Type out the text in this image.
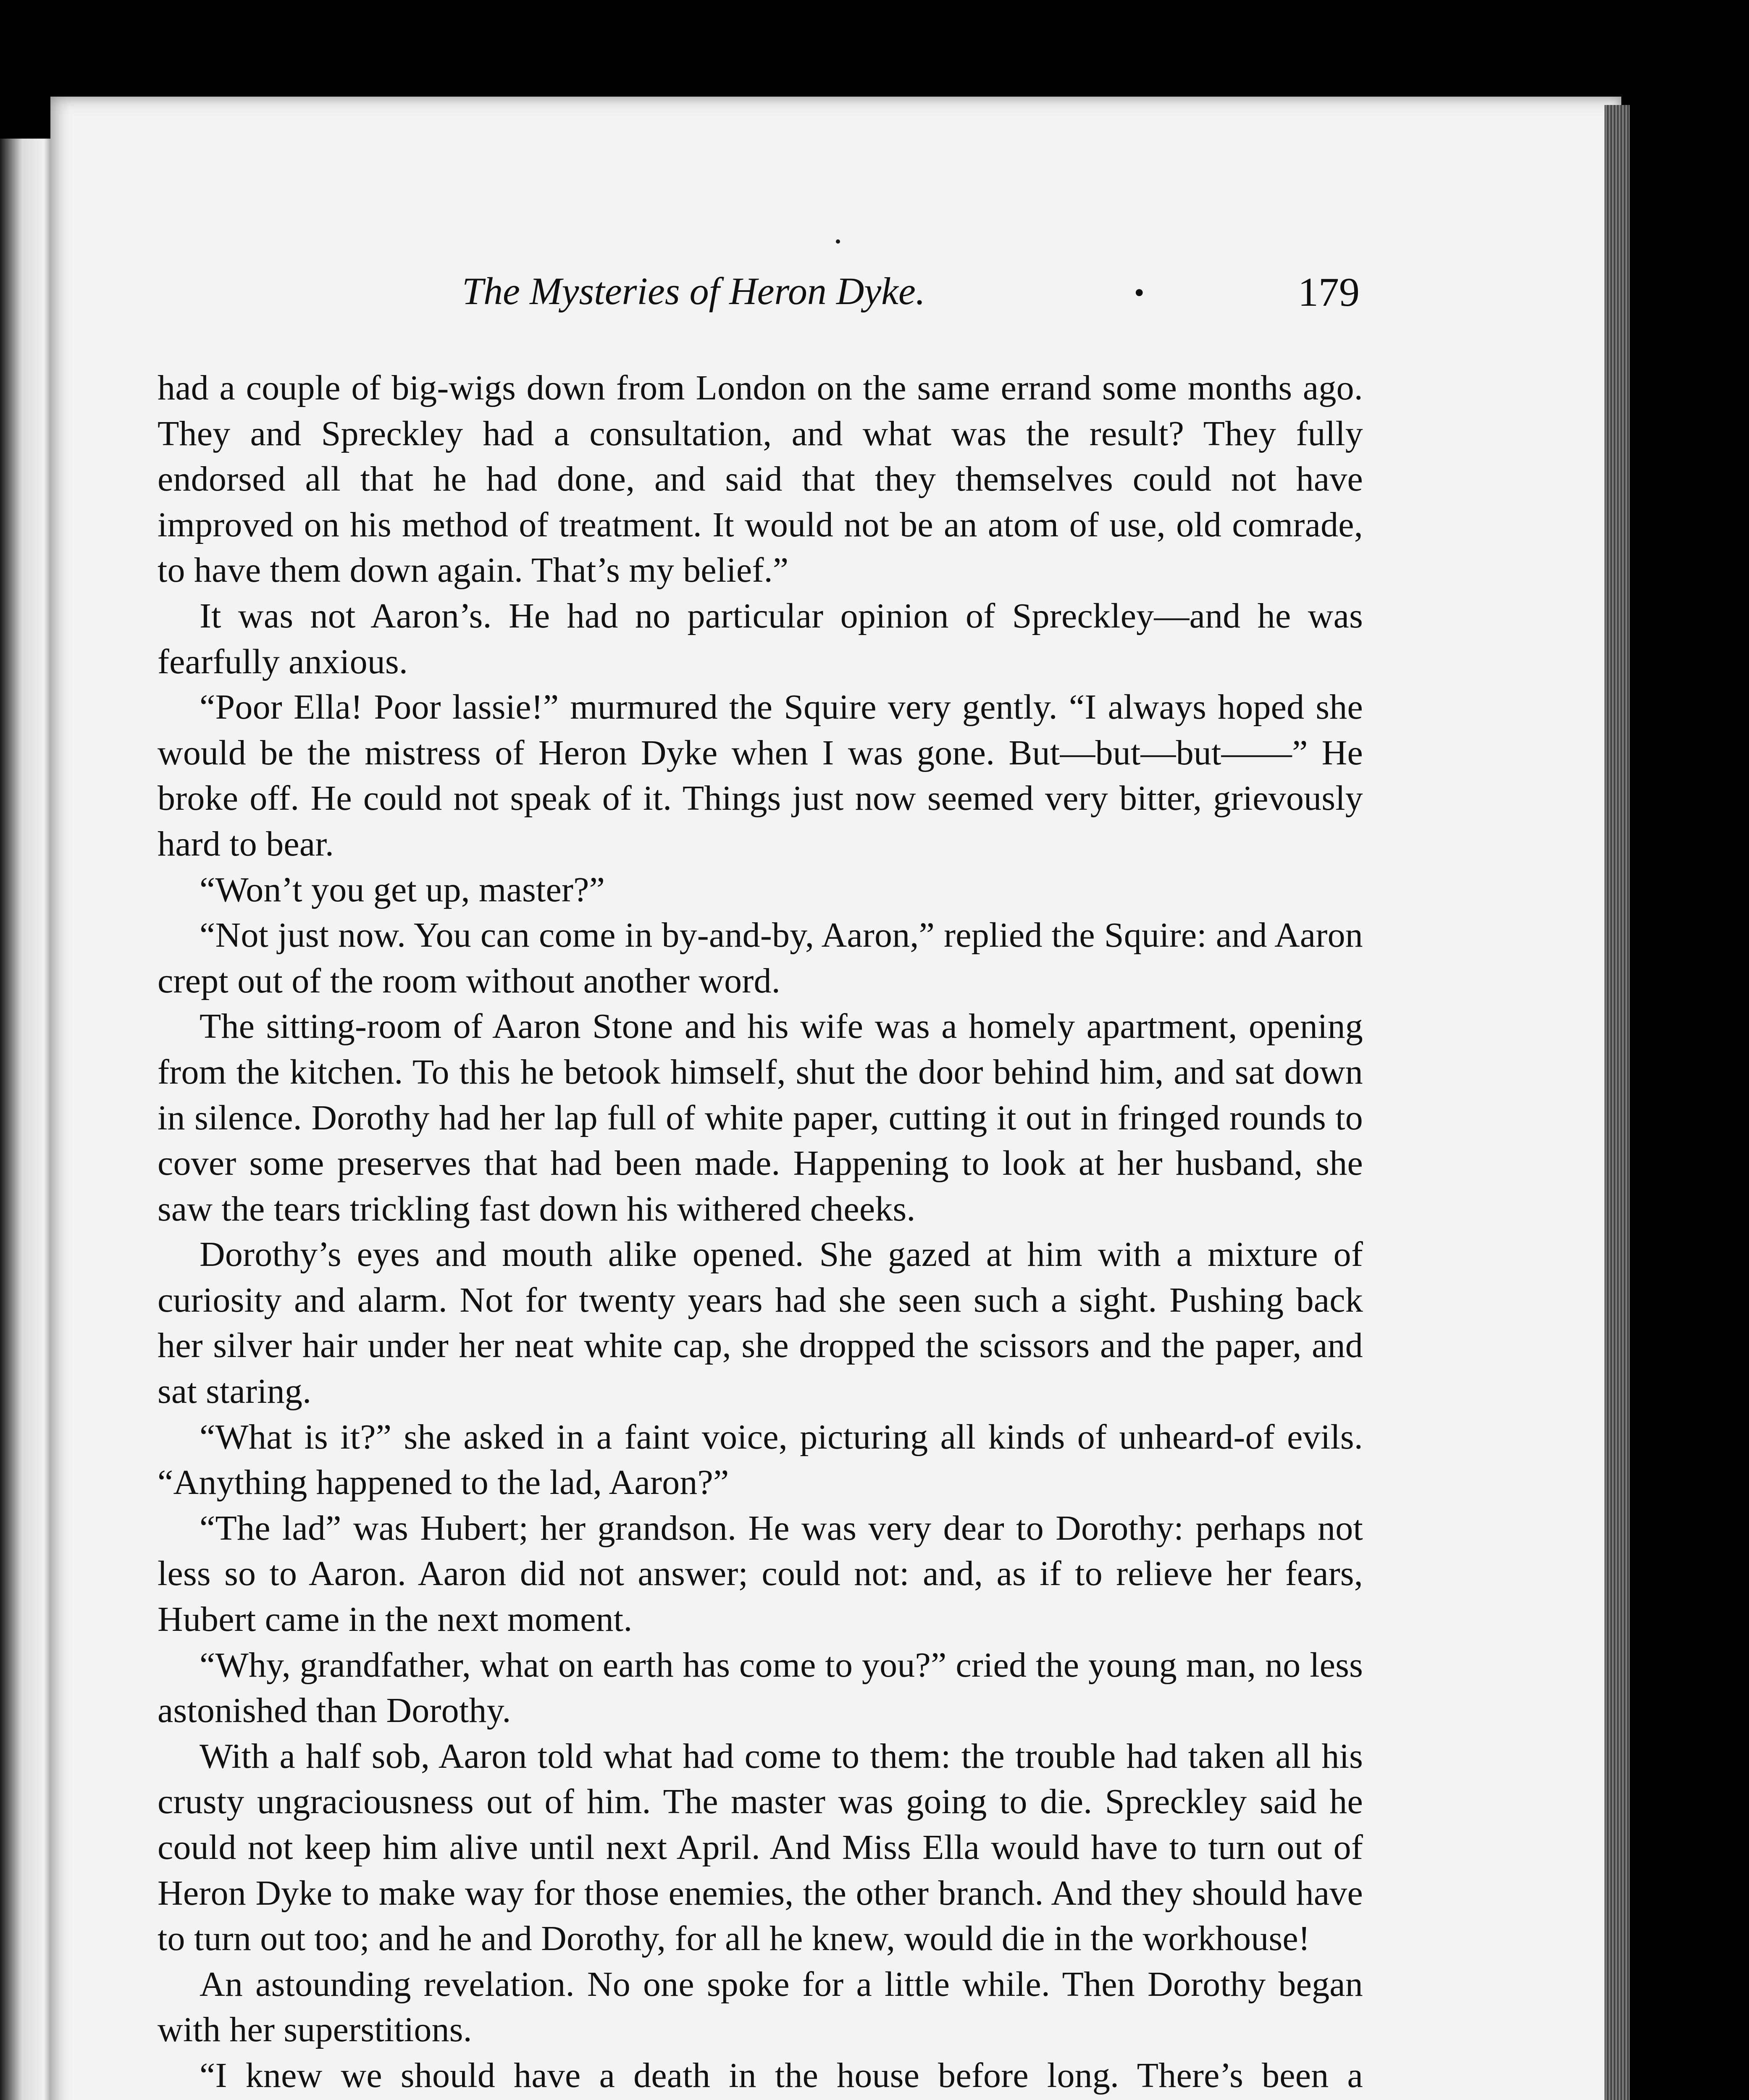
The Mysteries of Heron Dyke.	•	179

had a couple of big-wigs down from London on the same errand some months ago. They and Spreckley had a consultation, and what was the result? They fully endorsed all that he had done, and said that they themselves could not have improved on his method of treatment. It would not be an atom of use, old comrade, to have them down again. That’s my belief.”

It was not Aaron’s. He had no particular opinion of Spreckley—and he was fearfully anxious.

“Poor Ella! Poor lassie!” murmured the Squire very gently. “I always hoped she would be the mistress of Heron Dyke when I was gone. But—but—but——” He broke off. He could not speak of it. Things just now seemed very bitter, grievously hard to bear.

“Won’t you get up, master?”

“Not just now. You can come in by-and-by, Aaron,” replied the Squire: and Aaron crept out of the room without another word.

The sitting-room of Aaron Stone and his wife was a homely apartment, opening from the kitchen. To this he betook himself, shut the door behind him, and sat down in silence. Dorothy had her lap full of white paper, cutting it out in fringed rounds to cover some preserves that had been made. Happening to look at her husband, she saw the tears trickling fast down his withered cheeks.

Dorothy’s eyes and mouth alike opened. She gazed at him with a mixture of curiosity and alarm. Not for twenty years had she seen such a sight. Pushing back her silver hair under her neat white cap, she dropped the scissors and the paper, and sat staring.

“What is it?” she asked in a faint voice, picturing all kinds of unheard-of evils. “Anything happened to the lad, Aaron?”

“The lad” was Hubert; her grandson. He was very dear to Dorothy: perhaps not less so to Aaron. Aaron did not answer; could not: and, as if to relieve her fears, Hubert came in the next moment.

“Why, grandfather, what on earth has come to you?” cried the young man, no less astonished than Dorothy.

With a half sob, Aaron told what had come to them: the trouble had taken all his crusty ungraciousness out of him. The master was going to die. Spreckley said he could not keep him alive until next April. And Miss Ella would have to turn out of Heron Dyke to make way for those enemies, the other branch. And they should have to turn out too; and he and Dorothy, for all he knew, would die in the workhouse!

An astounding revelation. No one spoke for a little while. Then Dorothy began with her superstitions.

“I knew we should have a death in the house before long. There’s been a
